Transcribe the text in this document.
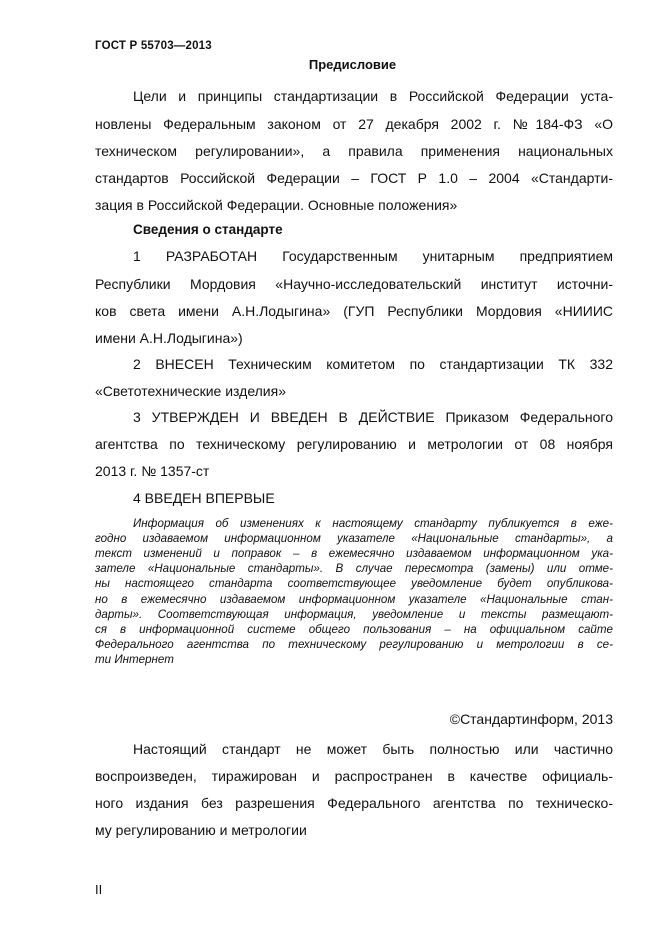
ГОСТ Р 55703—2013
Предисловие
Цели и принципы стандартизации в Российской Федерации уста-
новлены Федеральным законом от 27 декабря 2002 г. №184-ФЗ «О
техническом регулировании», а правила применения национальных
стандартов Российской Федерации – ГОСТ Р 1.0 – 2004 «Стандарти-
зация в Российской Федерации. Основные положения»
Сведения о стандарте
1 РАЗРАБОТАН Государственным унитарным предприятием
Республики Мордовия «Научно-исследовательский институт источни-
ков света имени А.Н.Лодыгина» (ГУП Республики Мордовия «НИИИС
имени А.Н.Лодыгина»)
2 ВНЕСЕН Техническим комитетом по стандартизации ТК 332
«Светотехнические изделия»
3 УТВЕРЖДЕН И ВВЕДЕН В ДЕЙСТВИЕ Приказом Федерального
агентства по техническому регулированию и метрологии от 08 ноября
2013 г. № 1357-ст
4 ВВЕДЕН ВПЕРВЫЕ
Информация об изменениях к настоящему стандарту публикуется в еже-
годно издаваемом информационном указателе «Национальные стандарты», а
текст изменений и поправок – в ежемесячно издаваемом информационном ука-
зателе «Национальные стандарты». В случае пересмотра (замены) или отме-
ны настоящего стандарта соответствующее уведомление будет опубликова-
но в ежемесячно издаваемом информационном указателе «Национальные стан-
дарты». Соответствующая информация, уведомление и тексты размещают-
ся в информационной системе общего пользования – на официальном сайте
Федерального агентства по техническому регулированию и метрологии в се-
ти Интернет
©Стандартинформ, 2013
Настоящий стандарт не может быть полностью или частично
воспроизведен, тиражирован и распространен в качестве официаль-
ного издания без разрешения Федерального агентства по техническо-
му регулированию и метрологии
II
